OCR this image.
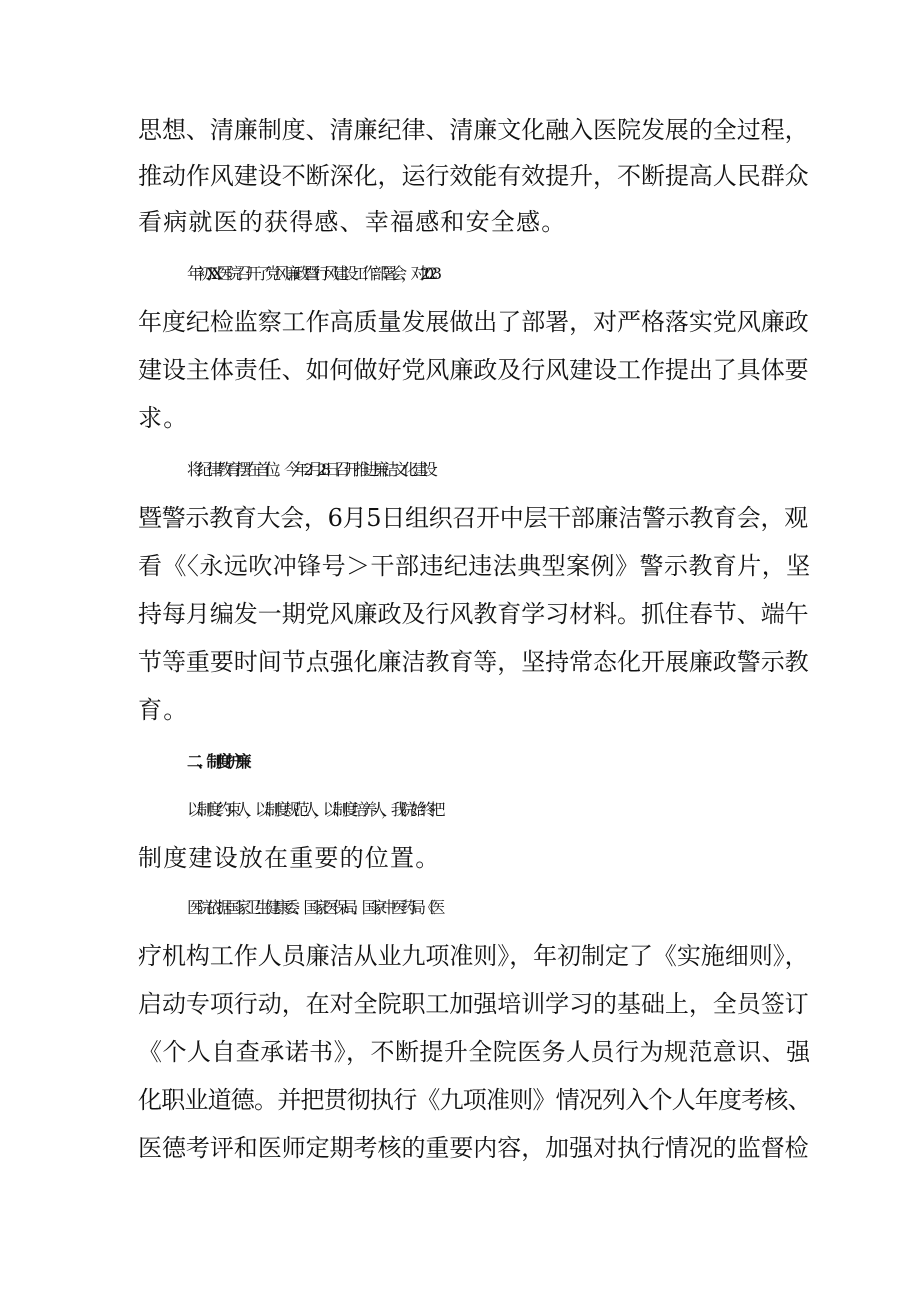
思想、清廉制度、清廉纪律、清廉文化融入医院发展的全过程，

推动作风建设不断深化，运行效能有效提升，不断提高人民群众

看病就医的获得感、幸福感和安全感。

年初XX医院召开了党风廉政暨行风建设工作部署会，对2023

年度纪检监察工作高质量发展做出了部署，对严格落实党风廉政

建设主体责任、如何做好党风廉政及行风建设工作提出了具体要

求。

将纪律教育摆在首位。今年2月28日召开推进廉洁文化建设

暨警示教育大会，6月5日组织召开中层干部廉洁警示教育会，观

看《〈永远吹冲锋号＞干部违纪违法典型案例》警示教育片，坚

持每月编发一期党风廉政及行风教育学习材料。抓住春节、端午

节等重要时间节点强化廉洁教育等，坚持常态化开展廉政警示教

育。

二、制度护廉

以制度约束人，以制度规范人，以制度培养人，我院始终把

制度建设放在重要的位置。

医院依据国家卫生健康委、国家医保局、国家中医药局《医

疗机构工作人员廉洁从业九项准则》，年初制定了《实施细则》，

启动专项行动，在对全院职工加强培训学习的基础上，全员签订

《个人自查承诺书》，不断提升全院医务人员行为规范意识、强

化职业道德。并把贯彻执行《九项准则》情况列入个人年度考核、

医德考评和医师定期考核的重要内容，加强对执行情况的监督检
